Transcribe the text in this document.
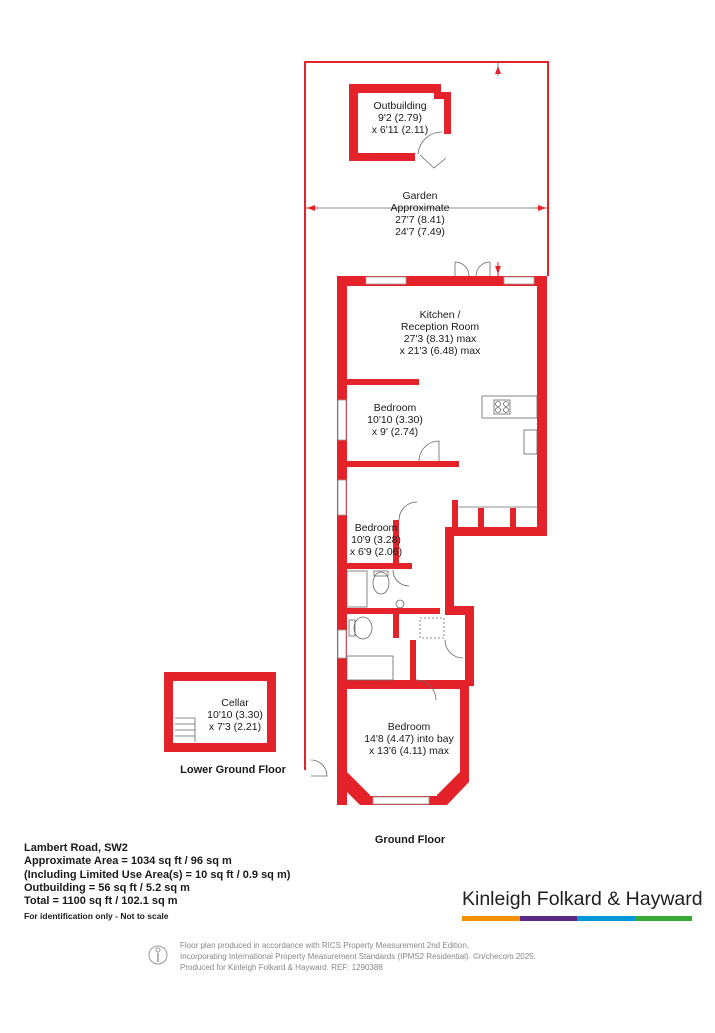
Outbuilding
9'2 (2.79)
x 6'11 (2.11)
Garden
Approximate
27'7 (8.41)
24'7 (7.49)
Kitchen /
Reception Room
27'3 (8.31) max
x 21'3 (6.48) max
Bedroom
10'10 (3.30)
x 9' (2.74)
Bedroom
10'9 (3.28)
x 6'9 (2.06)
Bedroom
14'8 (4.47) into bay
x 13'6 (4.11) max
Cellar
10'10 (3.30)
x 7'3 (2.21)
Lower Ground Floor
Ground Floor
Lambert Road, SW2
Approximate Area = 1034 sq ft / 96 sq m
(Including Limited Use Area(s) = 10 sq ft / 0.9 sq m)
Outbuilding = 56 sq ft / 5.2 sq m
Total = 1100 sq ft / 102.1 sq m
For identification only - Not to scale
Kinleigh Folkard & Hayward
Floor plan produced in accordance with RICS Property Measurement 2nd Edition,
Incorporating International Property Measurement Standards (IPMS2 Residential). ©n/checom 2025.
Produced for Kinleigh Folkard & Hayward. REF: 1290388
